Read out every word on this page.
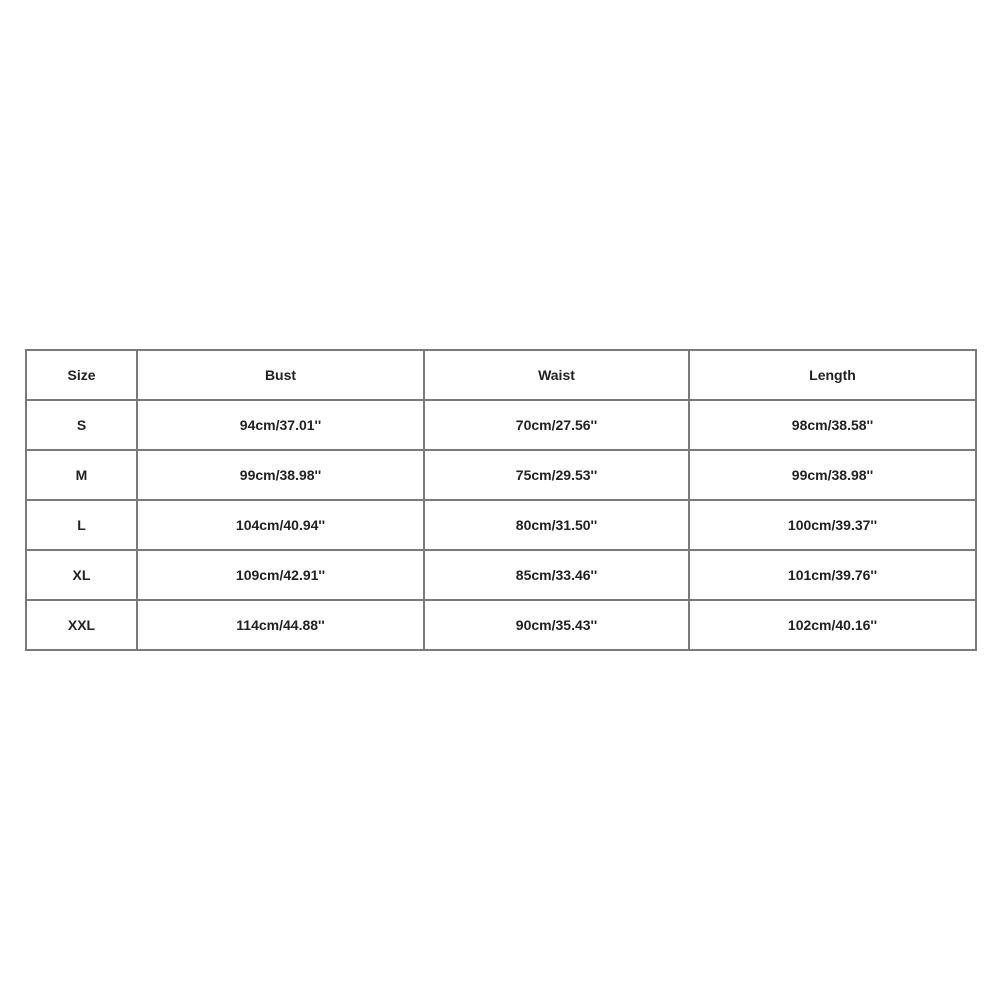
Size	Bust	Waist	Length
S	94cm/37.01''	70cm/27.56''	98cm/38.58''
M	99cm/38.98''	75cm/29.53''	99cm/38.98''
L	104cm/40.94''	80cm/31.50''	100cm/39.37''
XL	109cm/42.91''	85cm/33.46''	101cm/39.76''
XXL	114cm/44.88''	90cm/35.43''	102cm/40.16''
